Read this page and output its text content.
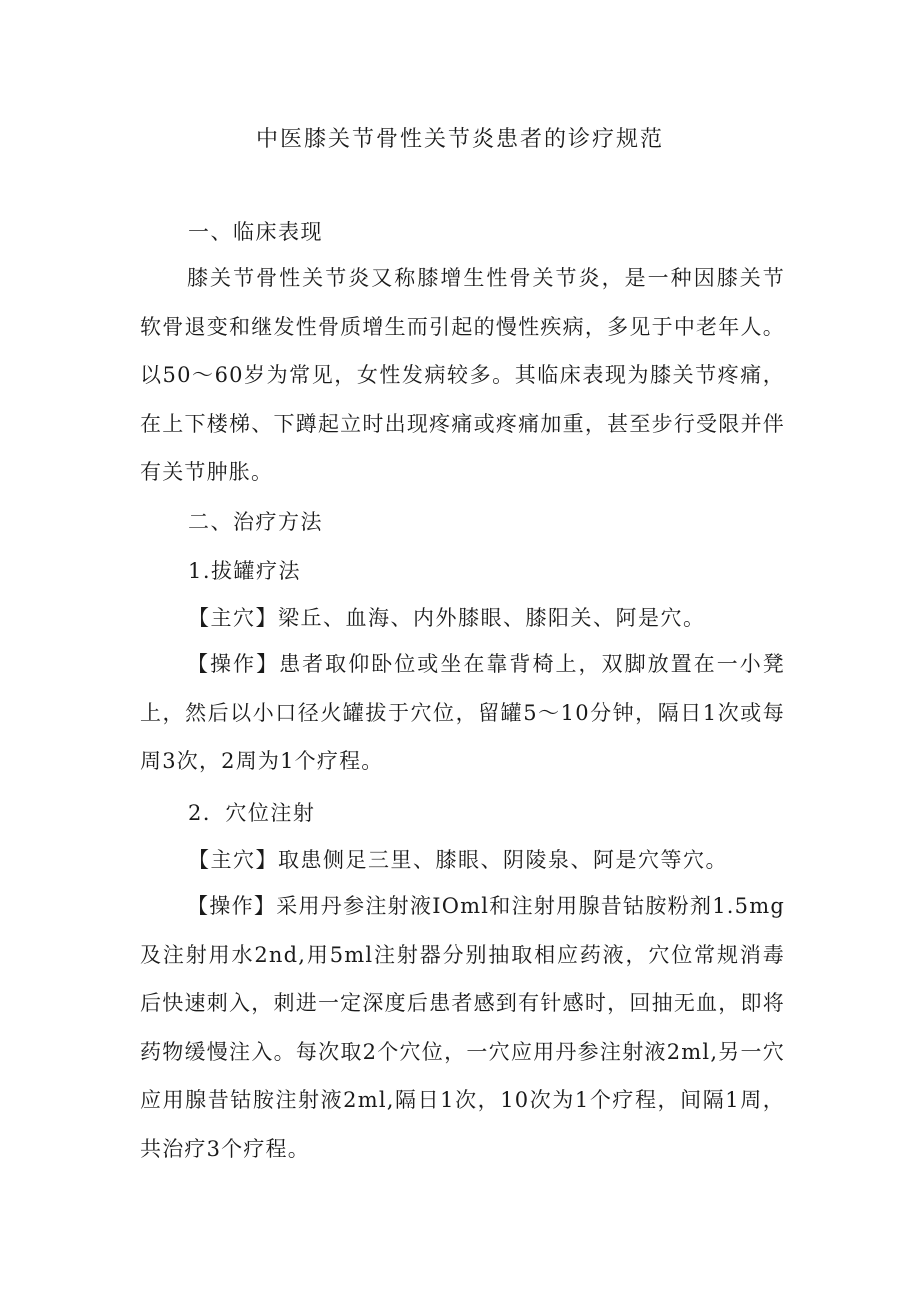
中医膝关节骨性关节炎患者的诊疗规范
一、临床表现

膝关节骨性关节炎又称膝增生性骨关节炎，是一种因膝关节软骨退变和继发性骨质增生而引起的慢性疾病，多见于中老年人。以50～60岁为常见，女性发病较多。其临床表现为膝关节疼痛，在上下楼梯、下蹲起立时出现疼痛或疼痛加重，甚至步行受限并伴有关节肿胀。

二、治疗方法
1.拔罐疗法
【主穴】梁丘、血海、内外膝眼、膝阳关、阿是穴。

【操作】患者取仰卧位或坐在靠背椅上，双脚放置在一小凳上，然后以小口径火罐拔于穴位，留罐5～10分钟，隔日1次或每周3次，2周为1个疗程。

2．穴位注射
【主穴】取患侧足三里、膝眼、阴陵泉、阿是穴等穴。

【操作】采用丹参注射液IOml和注射用腺昔钴胺粉剂1.5mg及注射用水2nd,用5ml注射器分别抽取相应药液，穴位常规消毒后快速刺入，刺进一定深度后患者感到有针感时，回抽无血，即将药物缓慢注入。每次取2个穴位，一穴应用丹参注射液2ml,另一穴应用腺昔钴胺注射液2ml,隔日1次，10次为1个疗程，间隔1周，共治疗3个疗程。
